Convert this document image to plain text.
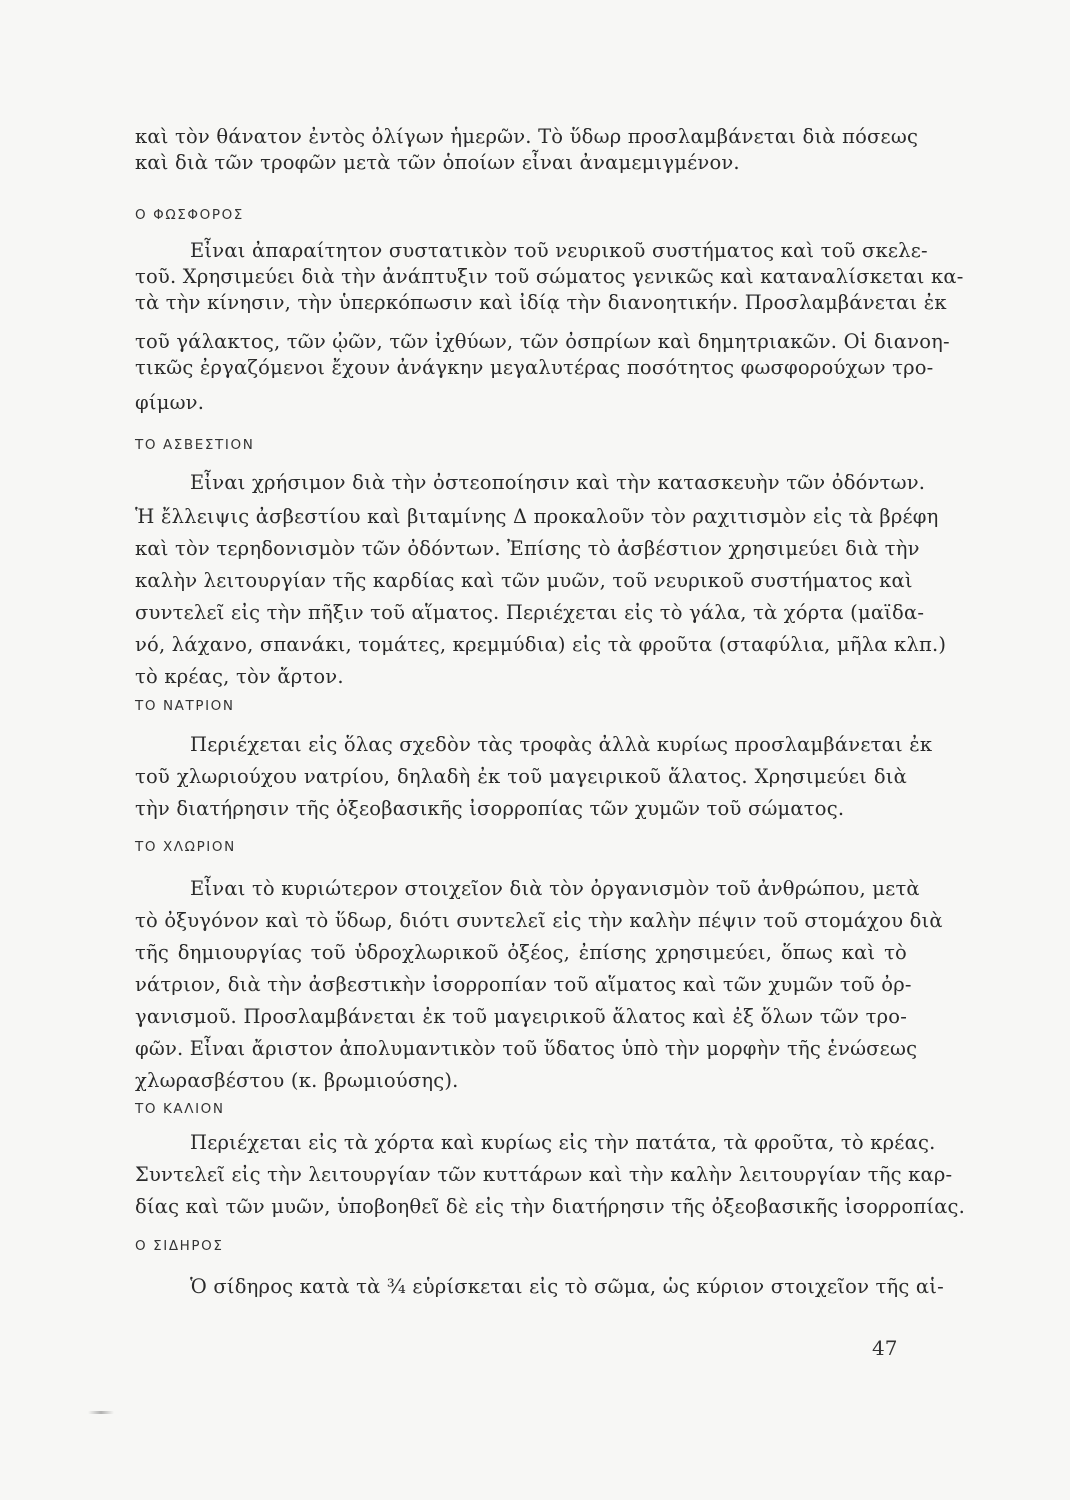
καὶ τὸν θάνατον ἐντὸς ὀλίγων ἡμερῶν. Τὸ ὕδωρ προσλαμβάνεται διὰ πόσεως
καὶ διὰ τῶν τροφῶν μετὰ τῶν ὁποίων εἶναι ἀναμεμιγμένον.
Ο ΦΩΣΦΟΡΟΣ
Εἶναι ἀπαραίτητον συστατικὸν τοῦ νευρικοῦ συστήματος καὶ τοῦ σκελε-
τοῦ. Χρησιμεύει διὰ τὴν ἀνάπτυξιν τοῦ σώματος γενικῶς καὶ καταναλίσκεται κα-
τὰ τὴν κίνησιν, τὴν ὑπερκόπωσιν καὶ ἰδίᾳ τὴν διανοητικήν. Προσλαμβάνεται ἐκ
τοῦ γάλακτος, τῶν ᾠῶν, τῶν ἰχθύων, τῶν ὀσπρίων καὶ δημητριακῶν. Οἱ διανοη-
τικῶς ἐργαζόμενοι ἔχουν ἀνάγκην μεγαλυτέρας ποσότητος φωσφορούχων τρο-
φίμων.
ΤΟ ΑΣΒΕΣΤΙΟΝ
Εἶναι χρήσιμον διὰ τὴν ὀστεοποίησιν καὶ τὴν κατασκευὴν τῶν ὀδόντων.
Ἡ ἔλλειψις ἀσβεστίου καὶ βιταμίνης Δ προκαλοῦν τὸν ραχιτισμὸν εἰς τὰ βρέφη
καὶ τὸν τερηδονισμὸν τῶν ὀδόντων. Ἐπίσης τὸ ἀσβέστιον χρησιμεύει διὰ τὴν
καλὴν λειτουργίαν τῆς καρδίας καὶ τῶν μυῶν, τοῦ νευρικοῦ συστήματος καὶ
συντελεῖ εἰς τὴν πῆξιν τοῦ αἵματος. Περιέχεται εἰς τὸ γάλα, τὰ χόρτα (μαϊδα-
νό, λάχανο, σπανάκι, τομάτες, κρεμμύδια) εἰς τὰ φροῦτα (σταφύλια, μῆλα κλπ.)
τὸ κρέας, τὸν ἄρτον.
ΤΟ ΝΑΤΡΙΟΝ
Περιέχεται εἰς ὅλας σχεδὸν τὰς τροφὰς ἀλλὰ κυρίως προσλαμβάνεται ἐκ
τοῦ χλωριούχου νατρίου, δηλαδὴ ἐκ τοῦ μαγειρικοῦ ἅλατος. Χρησιμεύει διὰ
τὴν διατήρησιν τῆς ὀξεοβασικῆς ἰσορροπίας τῶν χυμῶν τοῦ σώματος.
ΤΟ ΧΛΩΡΙΟΝ
Εἶναι τὸ κυριώτερον στοιχεῖον διὰ τὸν ὀργανισμὸν τοῦ ἀνθρώπου, μετὰ
τὸ ὀξυγόνον καὶ τὸ ὕδωρ, διότι συντελεῖ εἰς τὴν καλὴν πέψιν τοῦ στομάχου διὰ
τῆς δημιουργίας τοῦ ὑδροχλωρικοῦ ὀξέος, ἐπίσης χρησιμεύει, ὅπως καὶ τὸ
νάτριον, διὰ τὴν ἀσβεστικὴν ἰσορροπίαν τοῦ αἵματος καὶ τῶν χυμῶν τοῦ ὀρ-
γανισμοῦ. Προσλαμβάνεται ἐκ τοῦ μαγειρικοῦ ἅλατος καὶ ἐξ ὅλων τῶν τρο-
φῶν. Εἶναι ἄριστον ἀπολυμαντικὸν τοῦ ὕδατος ὑπὸ τὴν μορφὴν τῆς ἑνώσεως
χλωρασβέστου (κ. βρωμιούσης).
ΤΟ ΚΑΛΙΟΝ
Περιέχεται εἰς τὰ χόρτα καὶ κυρίως εἰς τὴν πατάτα, τὰ φροῦτα, τὸ κρέας.
Συντελεῖ εἰς τὴν λειτουργίαν τῶν κυττάρων καὶ τὴν καλὴν λειτουργίαν τῆς καρ-
δίας καὶ τῶν μυῶν, ὑποβοηθεῖ δὲ εἰς τὴν διατήρησιν τῆς ὀξεοβασικῆς ἰσορροπίας.
Ο ΣΙΔΗΡΟΣ
Ὁ σίδηρος κατὰ τὰ ¾ εὑρίσκεται εἰς τὸ σῶμα, ὡς κύριον στοιχεῖον τῆς αἱ-
47
